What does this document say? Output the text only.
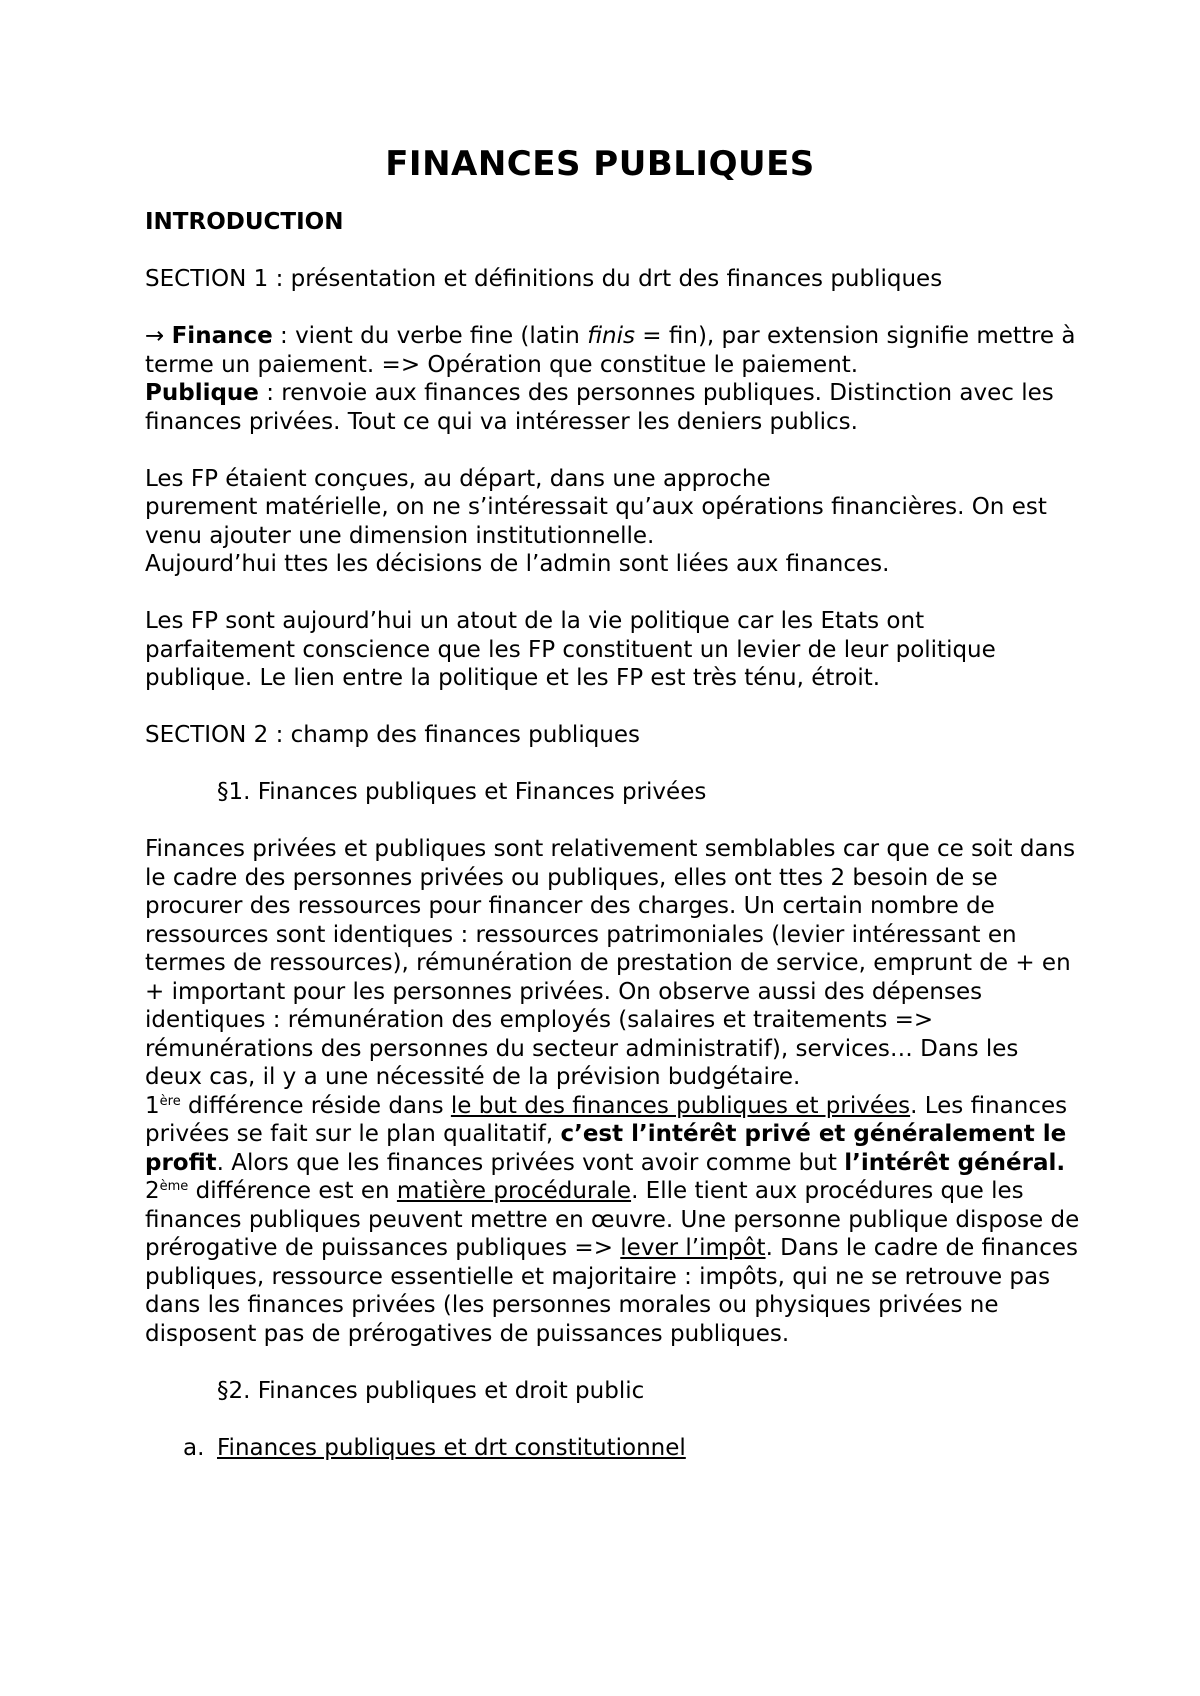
FINANCES PUBLIQUES

INTRODUCTION

SECTION 1 : présentation et définitions du drt des finances publiques

→ Finance : vient du verbe fine (latin finis = fin), par extension signifie mettre à terme un paiement. => Opération que constitue le paiement.
Publique : renvoie aux finances des personnes publiques. Distinction avec les finances privées. Tout ce qui va intéresser les deniers publics.

Les FP étaient conçues, au départ, dans une approche
purement matérielle, on ne s’intéressait qu’aux opérations financières. On est venu ajouter une dimension institutionnelle.
Aujourd’hui ttes les décisions de l’admin sont liées aux finances.

Les FP sont aujourd’hui un atout de la vie politique car les Etats ont parfaitement conscience que les FP constituent un levier de leur politique publique. Le lien entre la politique et les FP est très ténu, étroit.

SECTION 2 : champ des finances publiques

§1. Finances publiques et Finances privées

Finances privées et publiques sont relativement semblables car que ce soit dans le cadre des personnes privées ou publiques, elles ont ttes 2 besoin de se procurer des ressources pour financer des charges. Un certain nombre de ressources sont identiques : ressources patrimoniales (levier intéressant en termes de ressources), rémunération de prestation de service, emprunt de + en + important pour les personnes privées. On observe aussi des dépenses identiques : rémunération des employés (salaires et traitements => rémunérations des personnes du secteur administratif), services… Dans les deux cas, il y a une nécessité de la prévision budgétaire.

1ère différence réside dans le but des finances publiques et privées. Les finances privées se fait sur le plan qualitatif, c’est l’intérêt privé et généralement le profit. Alors que les finances privées vont avoir comme but l’intérêt général.

2ème différence est en matière procédurale. Elle tient aux procédures que les finances publiques peuvent mettre en œuvre. Une personne publique dispose de prérogative de puissances publiques => lever l’impôt. Dans le cadre de finances publiques, ressource essentielle et majoritaire : impôts, qui ne se retrouve pas dans les finances privées (les personnes morales ou physiques privées ne disposent pas de prérogatives de puissances publiques.

§2. Finances publiques et droit public

a. Finances publiques et drt constitutionnel
